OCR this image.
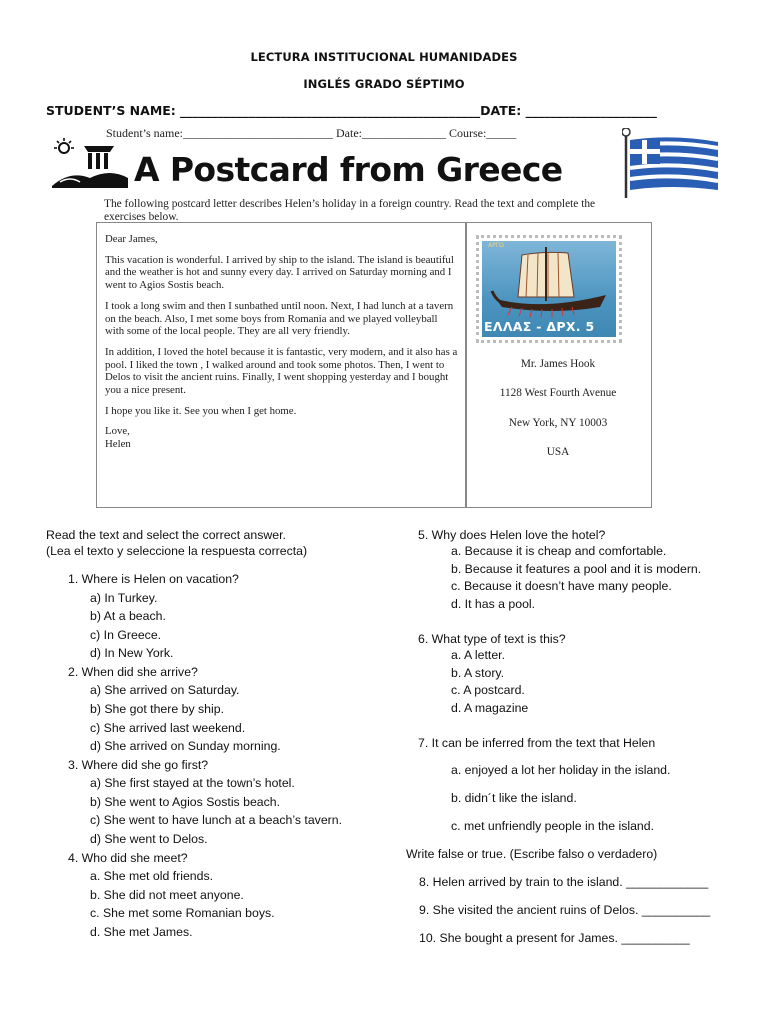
LECTURA INSTITUCIONAL HUMANIDADES
INGLÉS GRADO SÉPTIMO
STUDENT’S NAME: ________________________________________________DATE: _____________________
Student’s name:_________________________ Date:______________ Course:_____
A Postcard from Greece
The following postcard letter describes Helen’s holiday in a foreign country. Read the text and complete the exercises below.

Dear James,

This vacation is wonderful. I arrived by ship to the island. The island is beautiful and the weather is hot and sunny every day. I arrived on Saturday morning and I went to Agios Sostis beach.

I took a long swim and then I sunbathed until noon. Next, I had lunch at a tavern on the beach. Also, I met some boys from Romania and we played volleyball with some of the local people. They are all very friendly.

In addition, I loved the hotel because it is fantastic, very modern, and it also has a pool. I liked the town , I walked around and took some photos. Then, I went to Delos to visit the ancient ruins. Finally, I went shopping yesterday and I bought you a nice present.

I hope you like it. See you when I get home.

Love,

Helen

ΑΡΓΩ
ΕΛΛΑΣ - ΔΡΧ. 5
Mr. James Hook
1128 West Fourth Avenue
New York, NY 10003
USA
Read the text and select the correct answer.
(Lea el texto y seleccione la respuesta correcta)
1. Where is Helen on vacation?
a) In Turkey.
b) At a beach.
c) In Greece.
d) In New York.
2. When did she arrive?
a) She arrived on Saturday.
b) She got there by ship.
c) She arrived last weekend.
d) She arrived on Sunday morning.
3. Where did she go first?
a) She first stayed at the town’s hotel.
b) She went to Agios Sostis beach.
c) She went to have lunch at a beach’s tavern.
d) She went to Delos.
4. Who did she meet?
a. She met old friends.
b. She did not meet anyone.
c. She met some Romanian boys.
d. She met James.
5. Why does Helen love the hotel?
a. Because it is cheap and comfortable.
b. Because it features a pool and it is modern.
c. Because it doesn’t have many people.
d. It has a pool.
6. What type of text is this?
a. A letter.
b. A story.
c. A postcard.
d. A magazine
7. It can be inferred from the text that Helen
a. enjoyed a lot her holiday in the island.
b. didn´t like the island.
c. met unfriendly people in the island.
Write false or true. (Escribe falso o verdadero)
8. Helen arrived by train to the island. ____________
9. She visited the ancient ruins of Delos. __________
10. She bought a present for James. __________
